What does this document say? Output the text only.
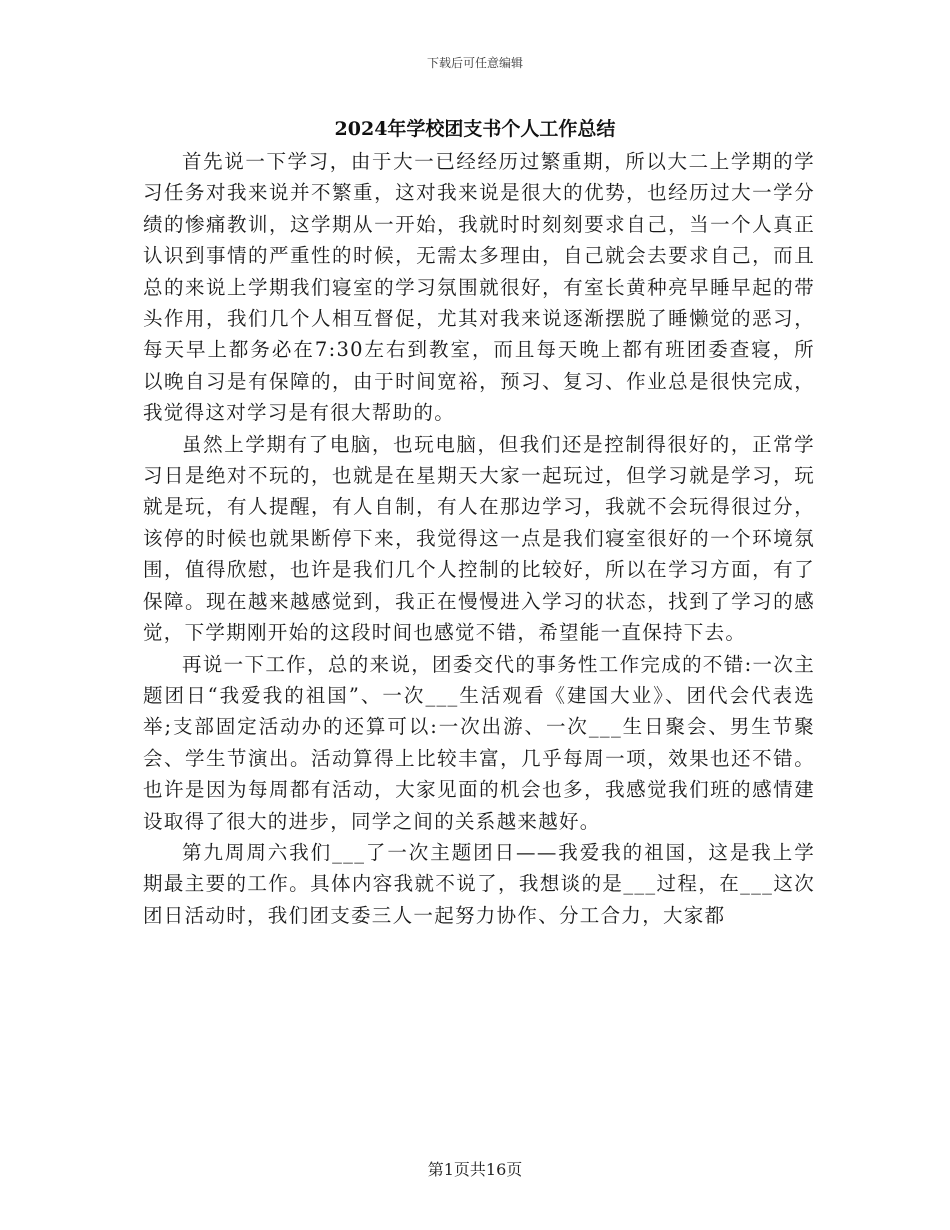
下载后可任意编辑
2024年学校团支书个人工作总结

首先说一下学习，由于大一已经经历过繁重期，所以大二上学期的学习任务对我来说并不繁重，这对我来说是很大的优势，也经历过大一学分绩的惨痛教训，这学期从一开始，我就时时刻刻要求自己，当一个人真正认识到事情的严重性的时候，无需太多理由，自己就会去要求自己，而且总的来说上学期我们寝室的学习氛围就很好，有室长黄种亮早睡早起的带头作用，我们几个人相互督促，尤其对我来说逐渐摆脱了睡懒觉的恶习，每天早上都务必在7:30左右到教室，而且每天晚上都有班团委查寝，所以晚自习是有保障的，由于时间宽裕，预习、复习、作业总是很快完成，我觉得这对学习是有很大帮助的。

虽然上学期有了电脑，也玩电脑，但我们还是控制得很好的，正常学习日是绝对不玩的，也就是在星期天大家一起玩过，但学习就是学习，玩就是玩，有人提醒，有人自制，有人在那边学习，我就不会玩得很过分，该停的时候也就果断停下来，我觉得这一点是我们寝室很好的一个环境氛围，值得欣慰，也许是我们几个人控制的比较好，所以在学习方面，有了保障。现在越来越感觉到，我正在慢慢进入学习的状态，找到了学习的感觉，下学期刚开始的这段时间也感觉不错，希望能一直保持下去。

再说一下工作，总的来说，团委交代的事务性工作完成的不错:一次主题团日“我爱我的祖国”、一次___生活观看《建国大业》、团代会代表选举;支部固定活动办的还算可以:一次出游、一次___生日聚会、男生节聚会、学生节演出。活动算得上比较丰富，几乎每周一项，效果也还不错。也许是因为每周都有活动，大家见面的机会也多，我感觉我们班的感情建设取得了很大的进步，同学之间的关系越来越好。

第九周周六我们___了一次主题团日——我爱我的祖国，这是我上学期最主要的工作。具体内容我就不说了，我想谈的是___过程，在___这次团日活动时，我们团支委三人一起努力协作、分工合力，大家都

第1页共16页
